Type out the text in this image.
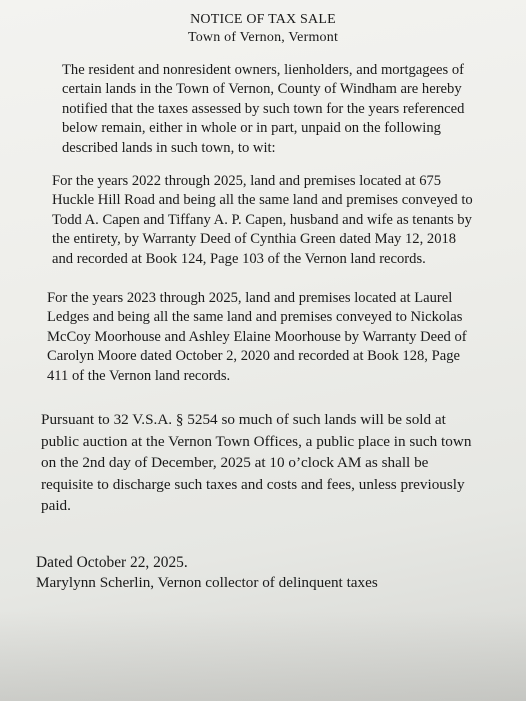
NOTICE OF TAX SALE
Town of Vernon, Vermont
The resident and nonresident owners, lienholders, and mortgagees of
certain lands in the Town of Vernon, County of Windham are hereby
notified that the taxes assessed by such town for the years referenced
below remain, either in whole or in part, unpaid on the following
described lands in such town, to wit:
For the years 2022 through 2025, land and premises located at 675
Huckle Hill Road and being all the same land and premises conveyed to
Todd A. Capen and Tiffany A. P. Capen, husband and wife as tenants by
the entirety, by Warranty Deed of Cynthia Green dated May 12, 2018
and recorded at Book 124, Page 103 of the Vernon land records.
For the years 2023 through 2025, land and premises located at Laurel
Ledges and being all the same land and premises conveyed to Nickolas
McCoy Moorhouse and Ashley Elaine Moorhouse by Warranty Deed of
Carolyn Moore dated October 2, 2020 and recorded at Book 128, Page
411 of the Vernon land records.
Pursuant to 32 V.S.A. § 5254 so much of such lands will be sold at
public auction at the Vernon Town Offices, a public place in such town
on the 2nd day of December, 2025 at 10 o’clock AM as shall be
requisite to discharge such taxes and costs and fees, unless previously
paid.
Dated October 22, 2025.
Marylynn Scherlin, Vernon collector of delinquent taxes
